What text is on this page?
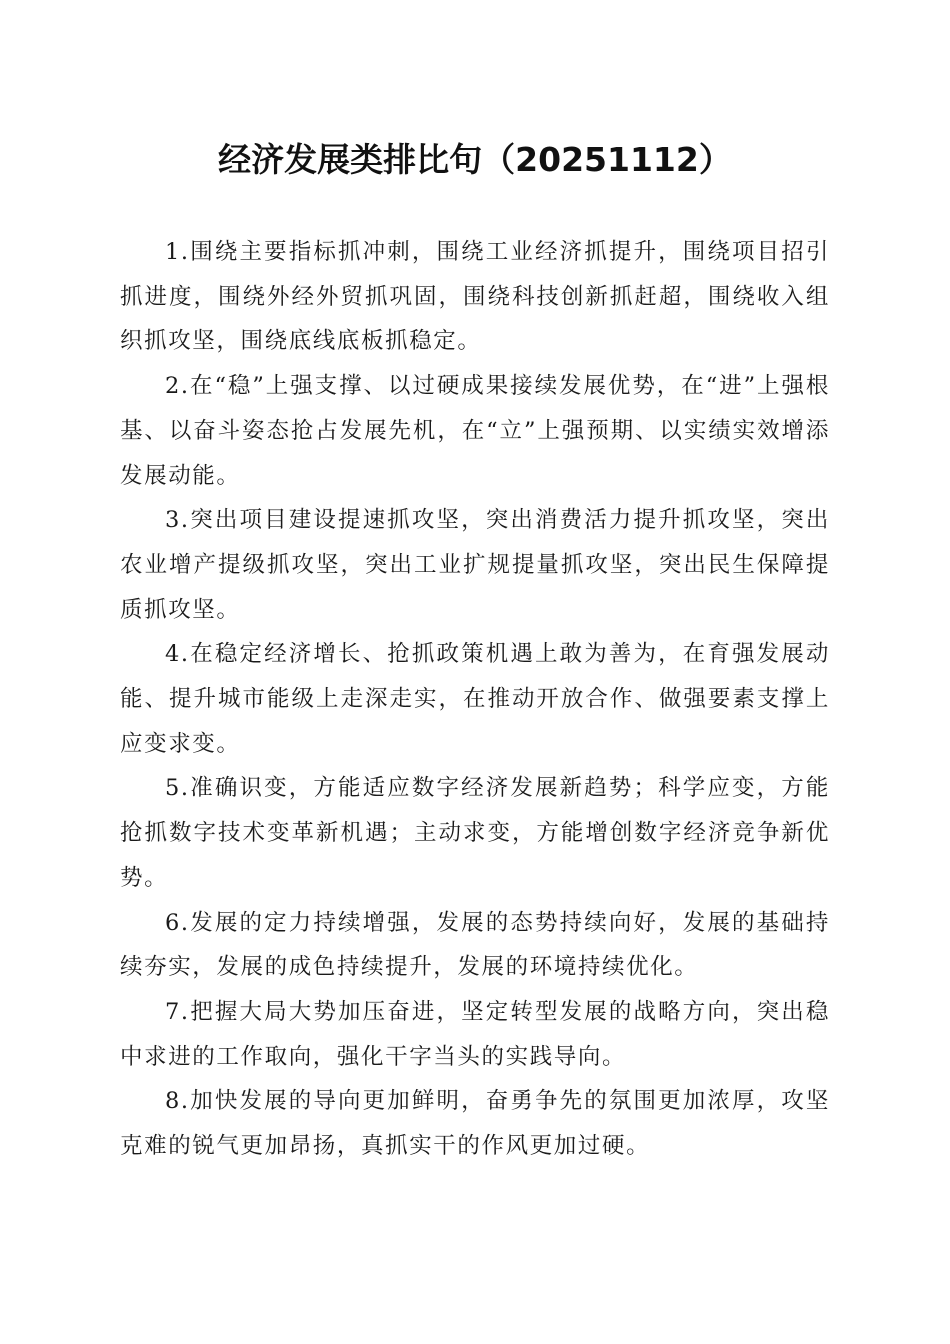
经济发展类排比句（20251112）

1.围绕主要指标抓冲刺，围绕工业经济抓提升，围绕项目招引抓进度，围绕外经外贸抓巩固，围绕科技创新抓赶超，围绕收入组织抓攻坚，围绕底线底板抓稳定。

2.在“稳”上强支撑、以过硬成果接续发展优势，在“进”上强根基、以奋斗姿态抢占发展先机，在“立”上强预期、以实绩实效增添发展动能。

3.突出项目建设提速抓攻坚，突出消费活力提升抓攻坚，突出农业增产提级抓攻坚，突出工业扩规提量抓攻坚，突出民生保障提质抓攻坚。

4.在稳定经济增长、抢抓政策机遇上敢为善为，在育强发展动能、提升城市能级上走深走实，在推动开放合作、做强要素支撑上应变求变。

5.准确识变，方能适应数字经济发展新趋势；科学应变，方能抢抓数字技术变革新机遇；主动求变，方能增创数字经济竞争新优势。

6.发展的定力持续增强，发展的态势持续向好，发展的基础持续夯实，发展的成色持续提升，发展的环境持续优化。

7.把握大局大势加压奋进，坚定转型发展的战略方向，突出稳中求进的工作取向，强化干字当头的实践导向。

8.加快发展的导向更加鲜明，奋勇争先的氛围更加浓厚，攻坚克难的锐气更加昂扬，真抓实干的作风更加过硬。
